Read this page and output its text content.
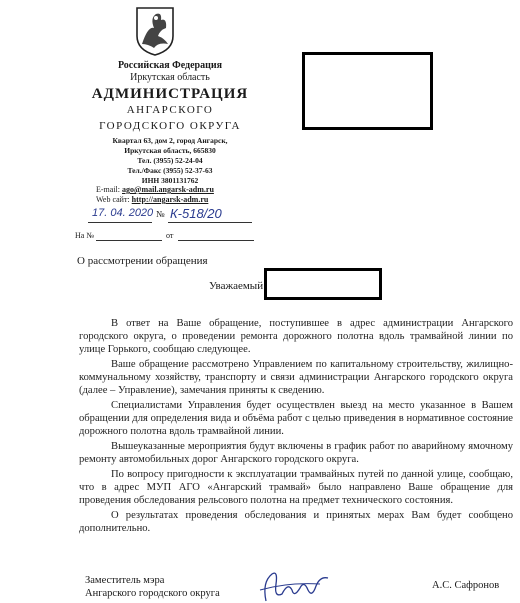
Российская Федерация
Иркутская область
АДМИНИСТРАЦИЯ
АНГАРСКОГО
ГОРОДСКОГО ОКРУГА
Квартал 63, дом 2, город Ангарск,
Иркутская область, 665830
Тел. (3955) 52-24-04
Тел./Факс (3955) 52-37-63
ИНН 3801131762
E-mail: ago@mail.angarsk-adm.ru
Web сайт: http://angarsk-adm.ru
17. 04. 2020 № К-518/20
На №	от
О рассмотрении обращения
Уважаемый
В ответ на Ваше обращение, поступившее в адрес администрации Ангарского городского округа, о проведении ремонта дорожного полотна вдоль трамвайной линии по улице Горького, сообщаю следующее.
Ваше обращение рассмотрено Управлением по капитальному строительству, жилищно-коммунальному хозяйству, транспорту и связи администрации Ангарского городского округа (далее – Управление), замечания приняты к сведению.
Специалистами Управления будет осуществлен выезд на место указанное в Вашем обращении для определения вида и объёма работ с целью приведения в нормативное состояние дорожного полотна вдоль трамвайной линии.
Вышеуказанные мероприятия будут включены в график работ по аварийному ямочному ремонту автомобильных дорог Ангарского городского округа.
По вопросу пригодности к эксплуатации трамвайных путей по данной улице, сообщаю, что в адрес МУП АГО «Ангарский трамвай» было направлено Ваше обращение для проведения обследования рельсового полотна на предмет технического состояния.
О результатах проведения обследования и принятых мерах Вам будет сообщено дополнительно.
Заместитель мэра
Ангарского городского округа
А.С. Сафронов
